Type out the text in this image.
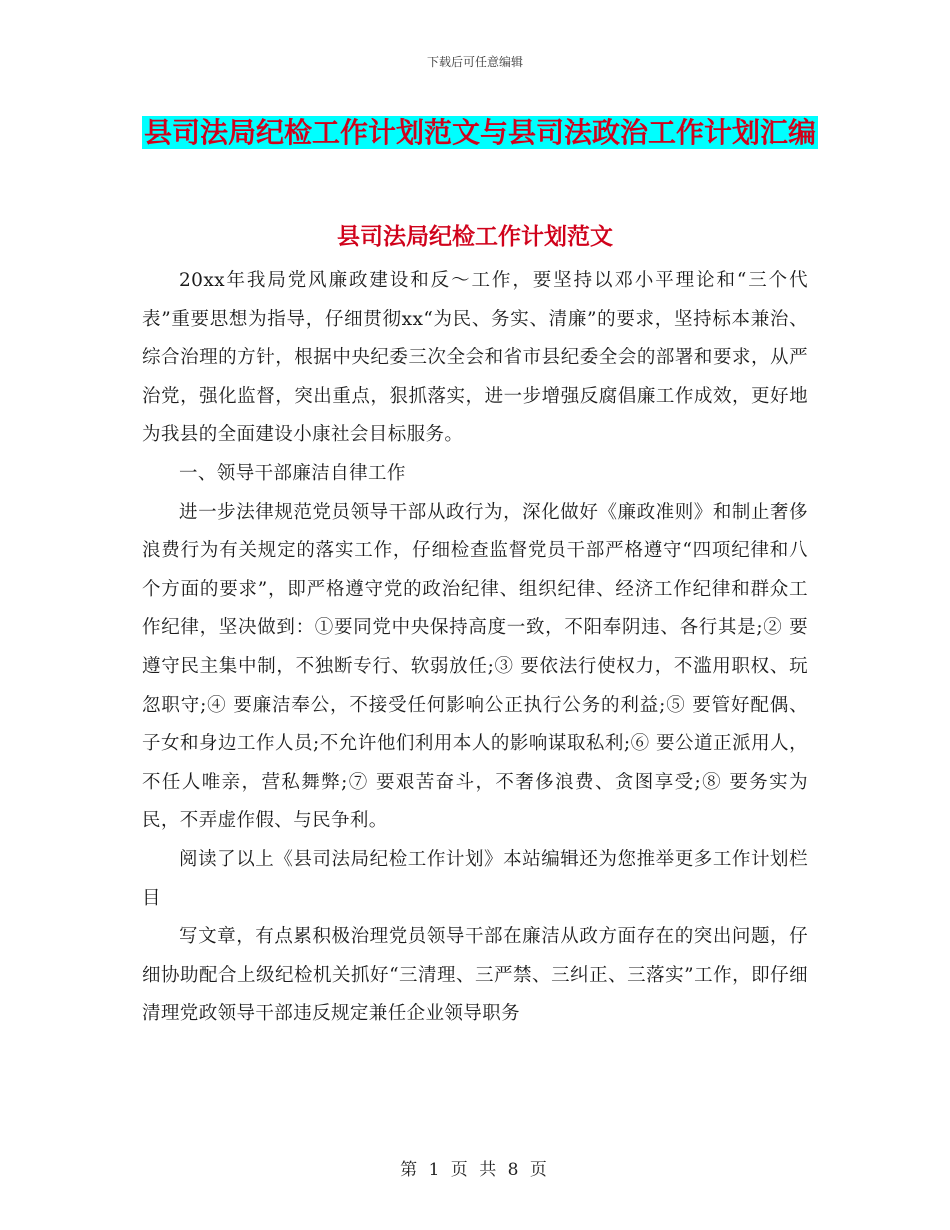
下载后可任意编辑
县司法局纪检工作计划范文与县司法政治工作计划汇编
县司法局纪检工作计划范文

20xx年我局党风廉政建设和反～工作，要坚持以邓小平理论和“三个代表”重要思想为指导，仔细贯彻xx“为民、务实、清廉”的要求，坚持标本兼治、综合治理的方针，根据中央纪委三次全会和省市县纪委全会的部署和要求，从严治党，强化监督，突出重点，狠抓落实，进一步增强反腐倡廉工作成效，更好地为我县的全面建设小康社会目标服务。

一、领导干部廉洁自律工作

进一步法律规范党员领导干部从政行为，深化做好《廉政准则》和制止奢侈浪费行为有关规定的落实工作，仔细检查监督党员干部严格遵守“四项纪律和八个方面的要求”，即严格遵守党的政治纪律、组织纪律、经济工作纪律和群众工作纪律，坚决做到：①要同党中央保持高度一致，不阳奉阴违、各行其是;② 要遵守民主集中制，不独断专行、软弱放任;③ 要依法行使权力，不滥用职权、玩忽职守;④ 要廉洁奉公，不接受任何影响公正执行公务的利益;⑤ 要管好配偶、子女和身边工作人员;不允许他们利用本人的影响谋取私利;⑥ 要公道正派用人，不任人唯亲，营私舞弊;⑦ 要艰苦奋斗，不奢侈浪费、贪图享受;⑧ 要务实为民，不弄虚作假、与民争利。

阅读了以上《县司法局纪检工作计划》本站编辑还为您推举更多工作计划栏目

写文章，有点累积极治理党员领导干部在廉洁从政方面存在的突出问题，仔细协助配合上级纪检机关抓好“三清理、三严禁、三纠正、三落实”工作，即仔细清理党政领导干部违反规定兼任企业领导职务

第 1 页 共 8 页
